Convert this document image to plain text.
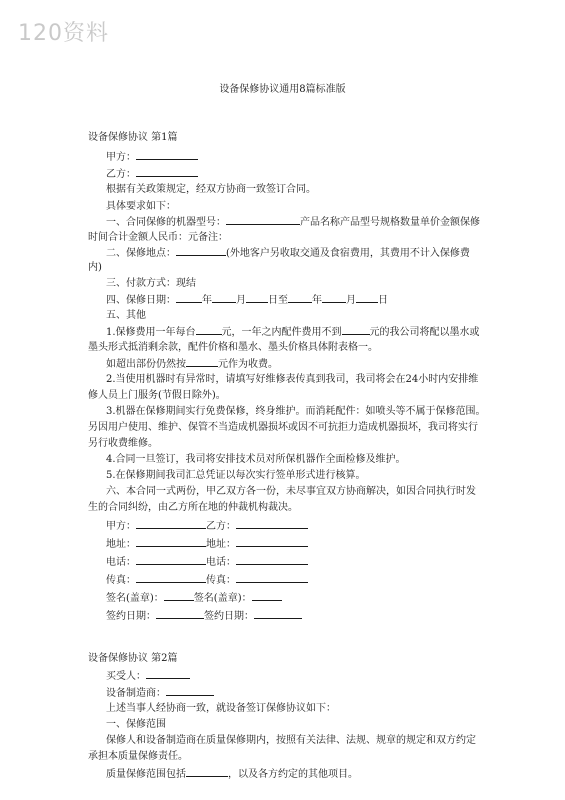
120资料
设备保修协议通用8篇标准版
设备保修协议 第1篇
甲方：
乙方：
根据有关政策规定，经双方协商一致签订合同。
具体要求如下：
一、合同保修的机器型号：	产品名称产品型号规格数量单价金额保修
时间合计金额人民币：元备注：
二、保修地点：	(外地客户另收取交通及食宿费用，其费用不计入保修费
内)
三、付款方式：现结
四、保修日期：	年 月 日至 年 月 日
五、其他
1.保修费用一年每台	元，一年之内配件费用不到	元的我公司将配以墨水或
墨头形式抵消剩余款，配件价格和墨水、墨头价格具体附表格一。
如超出部份仍然按	元作为收费。
2.当使用机器时有异常时，请填写好维修表传真到我司，我司将会在24小时内安排维
修人员上门服务(节假日除外)。
3.机器在保修期间实行免费保修，终身维护。而消耗配件：如喷头等不属于保修范围。
另因用户使用、维护、保管不当造成机器损坏或因不可抗拒力造成机器损坏，我司将实行
另行收费维修。
4.合同一旦签订，我司将安排技术员对所保机器作全面检修及维护。
5.在保修期间我司汇总凭证以每次实行签单形式进行核算。
六、本合同一式两份，甲乙双方各一份，未尽事宜双方协商解决，如因合同执行时发
生的合同纠纷，由乙方所在地的仲裁机构裁决。
甲方：	乙方：
地址：	地址：
电话：	电话：
传真：	传真：
签名(盖章)：	签名(盖章)：
签约日期：	签约日期：
设备保修协议 第2篇
买受人：
设备制造商：
上述当事人经协商一致，就设备签订保修协议如下：
一、保修范围
保修人和设备制造商在质量保修期内，按照有关法律、法规、规章的规定和双方约定
承担本质量保修责任。
质量保修范围包括	，以及各方约定的其他项目。
